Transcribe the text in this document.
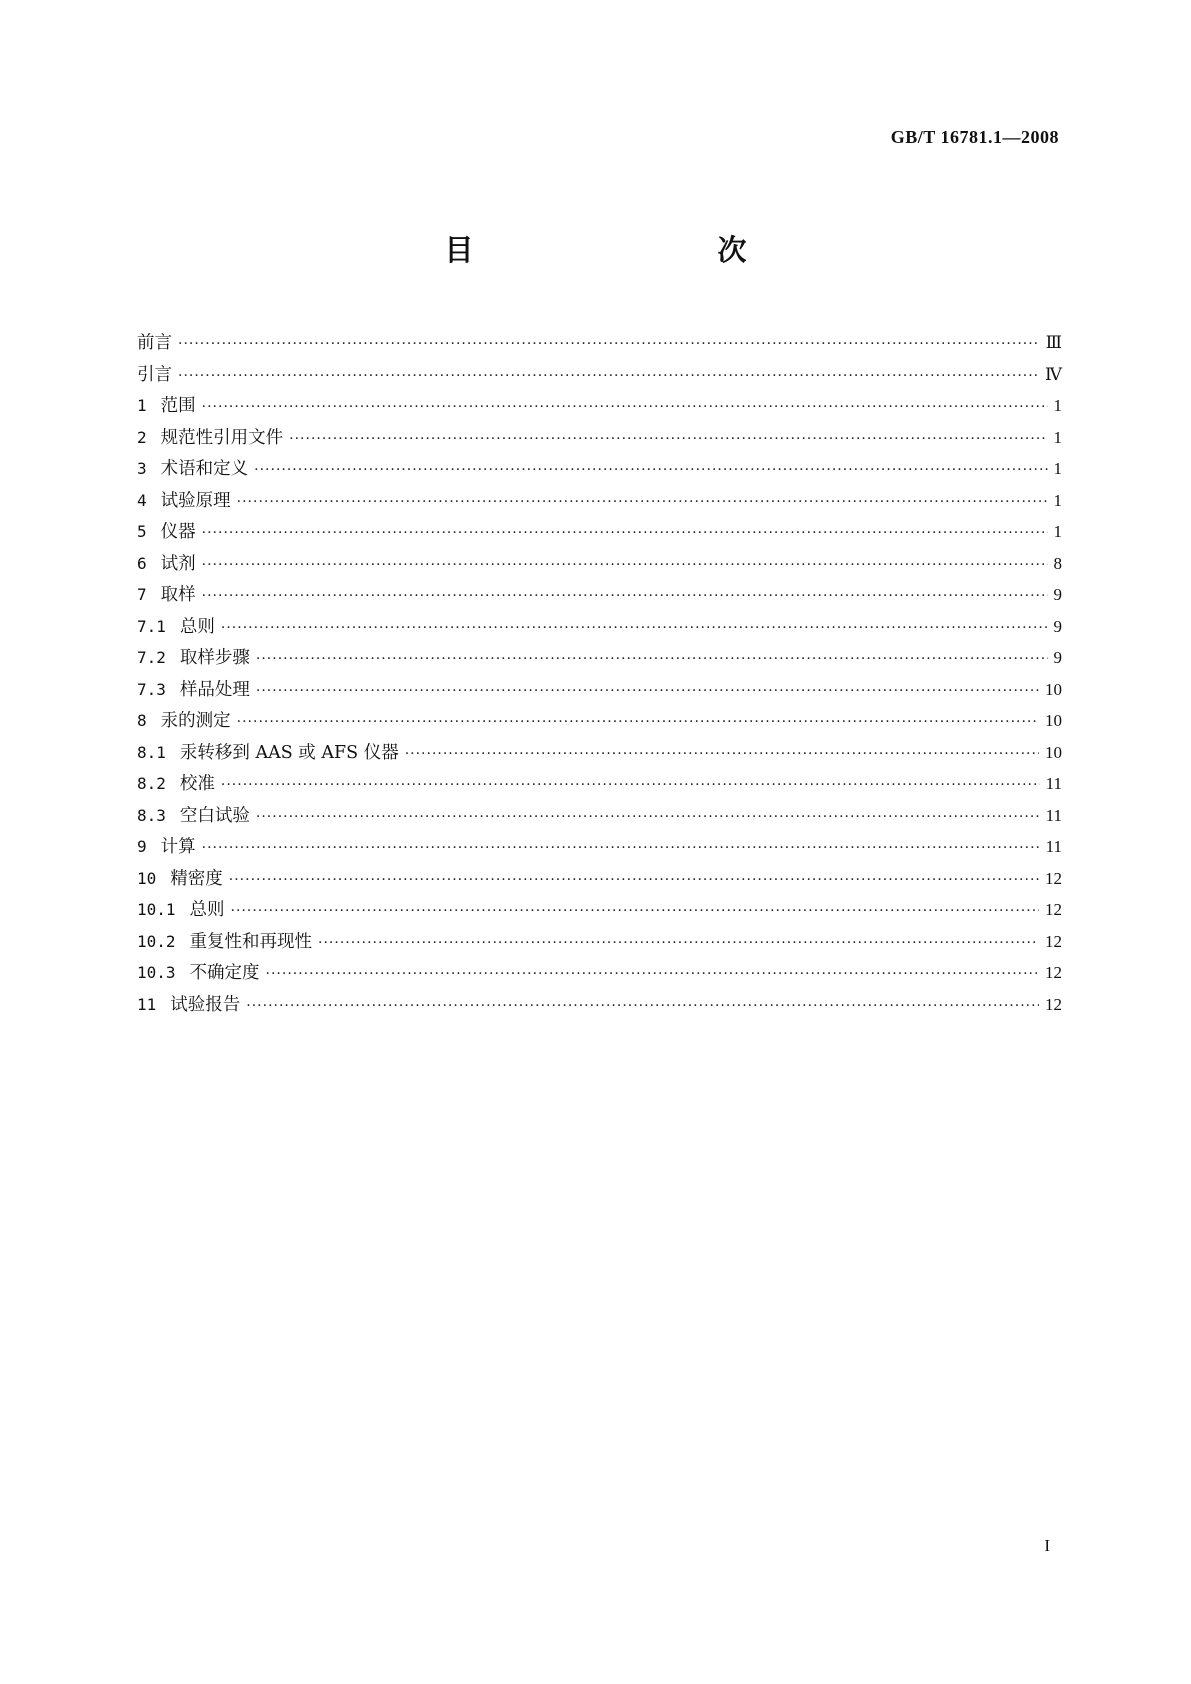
GB/T 16781.1—2008
目　　次
前言 ·····	Ⅲ
引言 ·····	Ⅳ
1 范围 ·····	1
2 规范性引用文件 ·····	1
3 术语和定义 ·····	1
4 试验原理 ·····	1
5 仪器 ·····	1
6 试剂 ·····	8
7 取样 ·····	9
7.1 总则 ·····	9
7.2 取样步骤 ·····	9
7.3 样品处理 ·····	10
8 汞的测定 ·····	10
8.1 汞转移到 AAS 或 AFS 仪器 ·····	10
8.2 校准 ·····	11
8.3 空白试验 ·····	11
9 计算 ·····	11
10 精密度 ·····	12
10.1 总则 ·····	12
10.2 重复性和再现性 ·····	12
10.3 不确定度 ·····	12
11 试验报告 ·····	12
I
